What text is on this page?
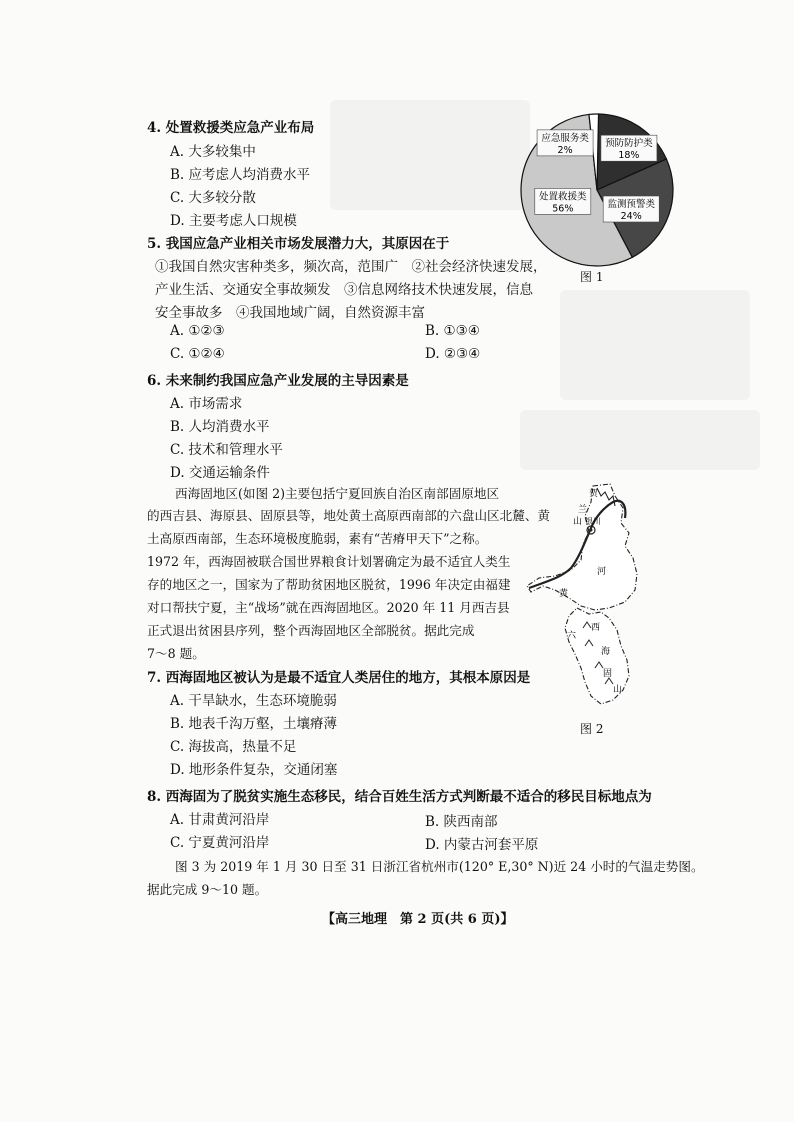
4. 处置救援类应急产业布局
A. 大多较集中
B. 应考虑人均消费水平
C. 大多较分散
D. 主要考虑人口规模
5. 我国应急产业相关市场发展潜力大，其原因在于
①我国自然灾害种类多，频次高，范围广　②社会经济快速发展，
产业生活、交通安全事故频发　③信息网络技术快速发展，信息
安全事故多　④我国地域广阔，自然资源丰富
A. ①②③	B. ①③④
C. ①②④	D. ②③④
6. 未来制约我国应急产业发展的主导因素是
A. 市场需求
B. 人均消费水平
C. 技术和管理水平
D. 交通运输条件
西海固地区(如图 2)主要包括宁夏回族自治区南部固原地区
的西吉县、海原县、固原县等，地处黄土高原西南部的六盘山区北麓、黄
土高原西南部，生态环境极度脆弱，素有“苦瘠甲天下”之称。
1972 年，西海固被联合国世界粮食计划署确定为最不适宜人类生
存的地区之一，国家为了帮助贫困地区脱贫，1996 年决定由福建
对口帮扶宁夏，主“战场”就在西海固地区。2020 年 11 月西吉县
正式退出贫困县序列，整个西海固地区全部脱贫。据此完成
7～8 题。
7. 西海固地区被认为是最不适宜人类居住的地方，其根本原因是
A. 干旱缺水，生态环境脆弱
B. 地表千沟万壑，土壤瘠薄
C. 海拔高，热量不足
D. 地形条件复杂，交通闭塞
8. 西海固为了脱贫实施生态移民，结合百姓生活方式判断最不适合的移民目标地点为
A. 甘肃黄河沿岸	B. 陕西南部
C. 宁夏黄河沿岸	D. 内蒙古河套平原
图 3 为 2019 年 1 月 30 日至 31 日浙江省杭州市(120° E,30° N)近 24 小时的气温走势图。
据此完成 9～10 题。
【高三地理　第 2 页(共 6 页)】
预防防护类
18%
监测预警类
24%
处置救援类
56%
应急服务类
2%
图 1
贺
兰
山 银川
河
黄
西
海
固
六
山
图 2
